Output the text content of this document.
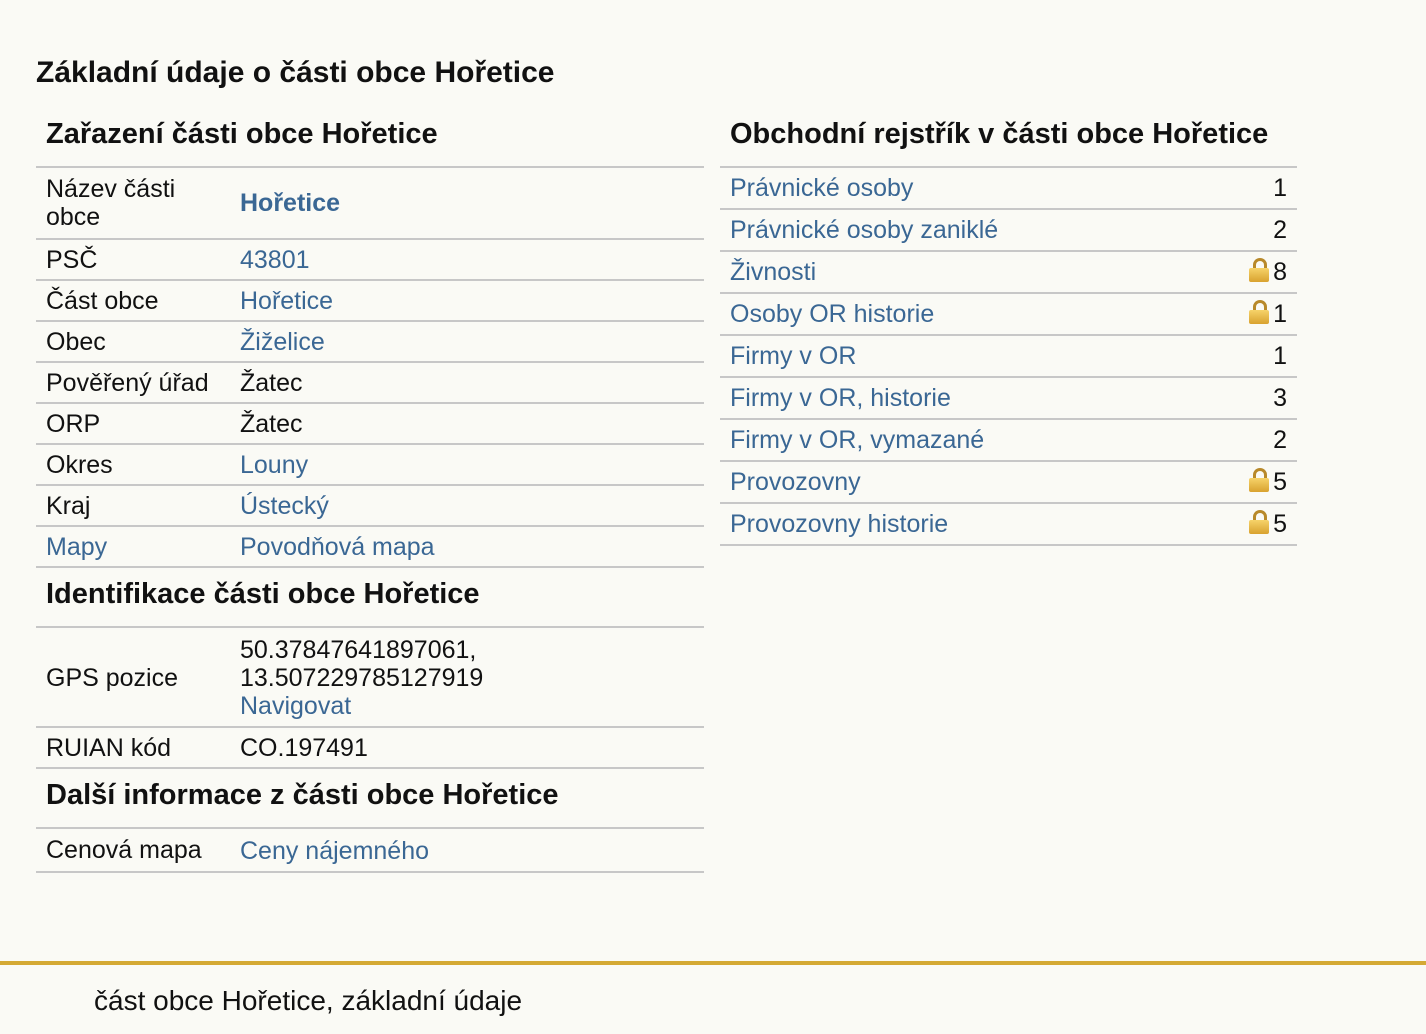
Základní údaje o části obce Hořetice
Zařazení části obce Hořetice
Název části obce	Hořetice
PSČ	43801
Část obce	Hořetice
Obec	Žiželice
Pověřený úřad	Žatec
ORP	Žatec
Okres	Louny
Kraj	Ústecký
Mapy	Povodňová mapa
Identifikace části obce Hořetice
GPS pozice	50.37847641897061,
13.507229785127919
Navigovat
RUIAN kód	CO.197491
Další informace z části obce Hořetice
Cenová mapa	Ceny nájemného
Obchodní rejstřík v části obce Hořetice
Právnické osoby	1
Právnické osoby zaniklé	2
Živnosti	8
Osoby OR historie	1
Firmy v OR	1
Firmy v OR, historie	3
Firmy v OR, vymazané	2
Provozovny	5
Provozovny historie	5
část obce Hořetice, základní údaje
